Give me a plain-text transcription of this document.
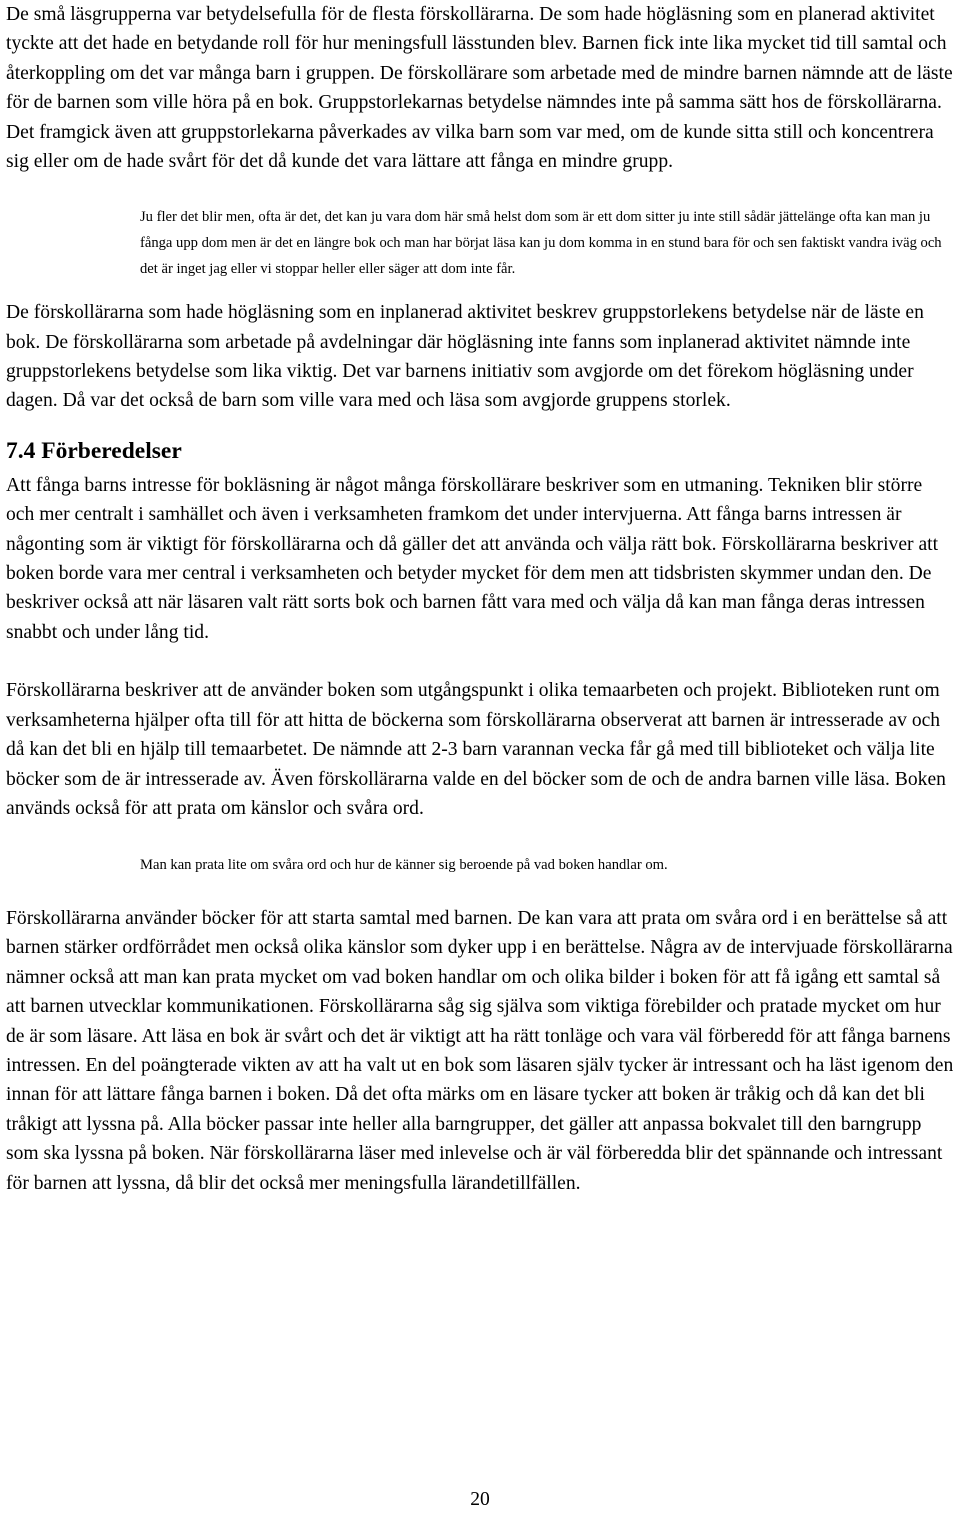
De små läsgrupperna var betydelsefulla för de flesta förskollärarna. De som hade högläsning som en planerad aktivitet tyckte att det hade en betydande roll för hur meningsfull lässtunden blev. Barnen fick inte lika mycket tid till samtal och återkoppling om det var många barn i gruppen. De förskollärare som arbetade med de mindre barnen nämnde att de läste för de barnen som ville höra på en bok. Gruppstorlekarnas betydelse nämndes inte på samma sätt hos de förskollärarna. Det framgick även att gruppstorlekarna påverkades av vilka barn som var med, om de kunde sitta still och koncentrera sig eller om de hade svårt för det då kunde det vara lättare att fånga en mindre grupp.

Ju fler det blir men, ofta är det, det kan ju vara dom här små helst dom som är ett dom sitter ju inte still sådär jättelänge ofta kan man ju fånga upp dom men är det en längre bok och man har börjat läsa kan ju dom komma in en stund bara för och sen faktiskt vandra iväg och det är inget jag eller vi stoppar heller eller säger att dom inte får.

De förskollärarna som hade högläsning som en inplanerad aktivitet beskrev gruppstorlekens betydelse när de läste en bok. De förskollärarna som arbetade på avdelningar där högläsning inte fanns som inplanerad aktivitet nämnde inte gruppstorlekens betydelse som lika viktig. Det var barnens initiativ som avgjorde om det förekom högläsning under dagen. Då var det också de barn som ville vara med och läsa som avgjorde gruppens storlek.

7.4 Förberedelser

Att fånga barns intresse för bokläsning är något många förskollärare beskriver som en utmaning. Tekniken blir större och mer centralt i samhället och även i verksamheten framkom det under intervjuerna. Att fånga barns intressen är någonting som är viktigt för förskollärarna och då gäller det att använda och välja rätt bok. Förskollärarna beskriver att boken borde vara mer central i verksamheten och betyder mycket för dem men att tidsbristen skymmer undan den. De beskriver också att när läsaren valt rätt sorts bok och barnen fått vara med och välja då kan man fånga deras intressen snabbt och under lång tid.

Förskollärarna beskriver att de använder boken som utgångspunkt i olika temaarbeten och projekt. Biblioteken runt om verksamheterna hjälper ofta till för att hitta de böckerna som förskollärarna observerat att barnen är intresserade av och då kan det bli en hjälp till temaarbetet. De nämnde att 2-3 barn varannan vecka får gå med till biblioteket och välja lite böcker som de är intresserade av. Även förskollärarna valde en del böcker som de och de andra barnen ville läsa. Boken används också för att prata om känslor och svåra ord.

Man kan prata lite om svåra ord och hur de känner sig beroende på vad boken handlar om.

Förskollärarna använder böcker för att starta samtal med barnen. De kan vara att prata om svåra ord i en berättelse så att barnen stärker ordförrådet men också olika känslor som dyker upp i en berättelse. Några av de intervjuade förskollärarna nämner också att man kan prata mycket om vad boken handlar om och olika bilder i boken för att få igång ett samtal så att barnen utvecklar kommunikationen. Förskollärarna såg sig själva som viktiga förebilder och pratade mycket om hur de är som läsare. Att läsa en bok är svårt och det är viktigt att ha rätt tonläge och vara väl förberedd för att fånga barnens intressen. En del poängterade vikten av att ha valt ut en bok som läsaren själv tycker är intressant och ha läst igenom den innan för att lättare fånga barnen i boken. Då det ofta märks om en läsare tycker att boken är tråkig och då kan det bli tråkigt att lyssna på. Alla böcker passar inte heller alla barngrupper, det gäller att anpassa bokvalet till den barngrupp som ska lyssna på boken. När förskollärarna läser med inlevelse och är väl förberedda blir det spännande och intressant för barnen att lyssna, då blir det också mer meningsfulla lärandetillfällen.

20
